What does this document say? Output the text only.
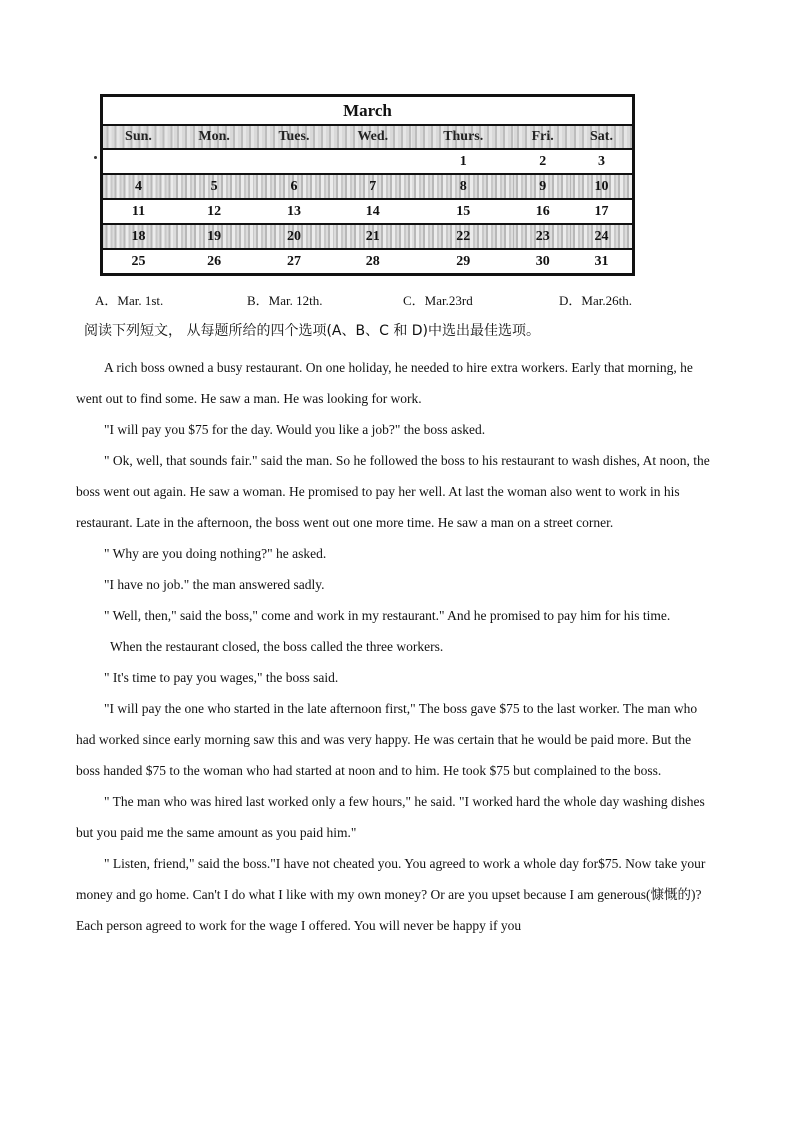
March						
Sun.	Mon.	Tues.	Wed.	Thurs.	Fri.	Sat.
				1	2	3
4	5	6	7	8	9	10
11	12	13	14	15	16	17
18	19	20	21	22	23	24
25	26	27	28	29	30	31
A．Mar. 1st.	B．Mar. 12th.	C．Mar.23rd	D．Mar.26th.
阅读下列短文， 从每题所给的四个选项(A、B、C 和 D)中选出最佳选项。

A rich boss owned a busy restaurant. On one holiday, he needed to hire extra workers. Early that morning, he went out to find some. He saw a man. He was looking for work.

"I will pay you $75 for the day. Would you like a job?" the boss asked.

" Ok, well, that sounds fair." said the man. So he followed the boss to his restaurant to wash dishes, At noon, the boss went out again. He saw a woman. He promised to pay her well. At last the woman also went to work in his restaurant. Late in the afternoon, the boss went out one more time. He saw a man on a street corner.

" Why are you doing nothing?" he asked.

"I have no job." the man answered sadly.

" Well, then," said the boss," come and work in my restaurant." And he promised to pay him for his time.

When the restaurant closed, the boss called the three workers.

" It's time to pay you wages," the boss said.

"I will pay the one who started in the late afternoon first," The boss gave $75 to the last worker. The man who had worked since early morning saw this and was very happy. He was certain that he would be paid more. But the boss handed $75 to the woman who had started at noon and to him. He took $75 but complained to the boss.

" The man who was hired last worked only a few hours," he said. "I worked hard the whole day washing dishes but you paid me the same amount as you paid him."

" Listen, friend," said the boss."I have not cheated you. You agreed to work a whole day for$75. Now take your money and go home. Can't I do what I like with my own money? Or are you upset because I am generous(慷慨的)? Each person agreed to work for the wage I offered. You will never be happy if you
